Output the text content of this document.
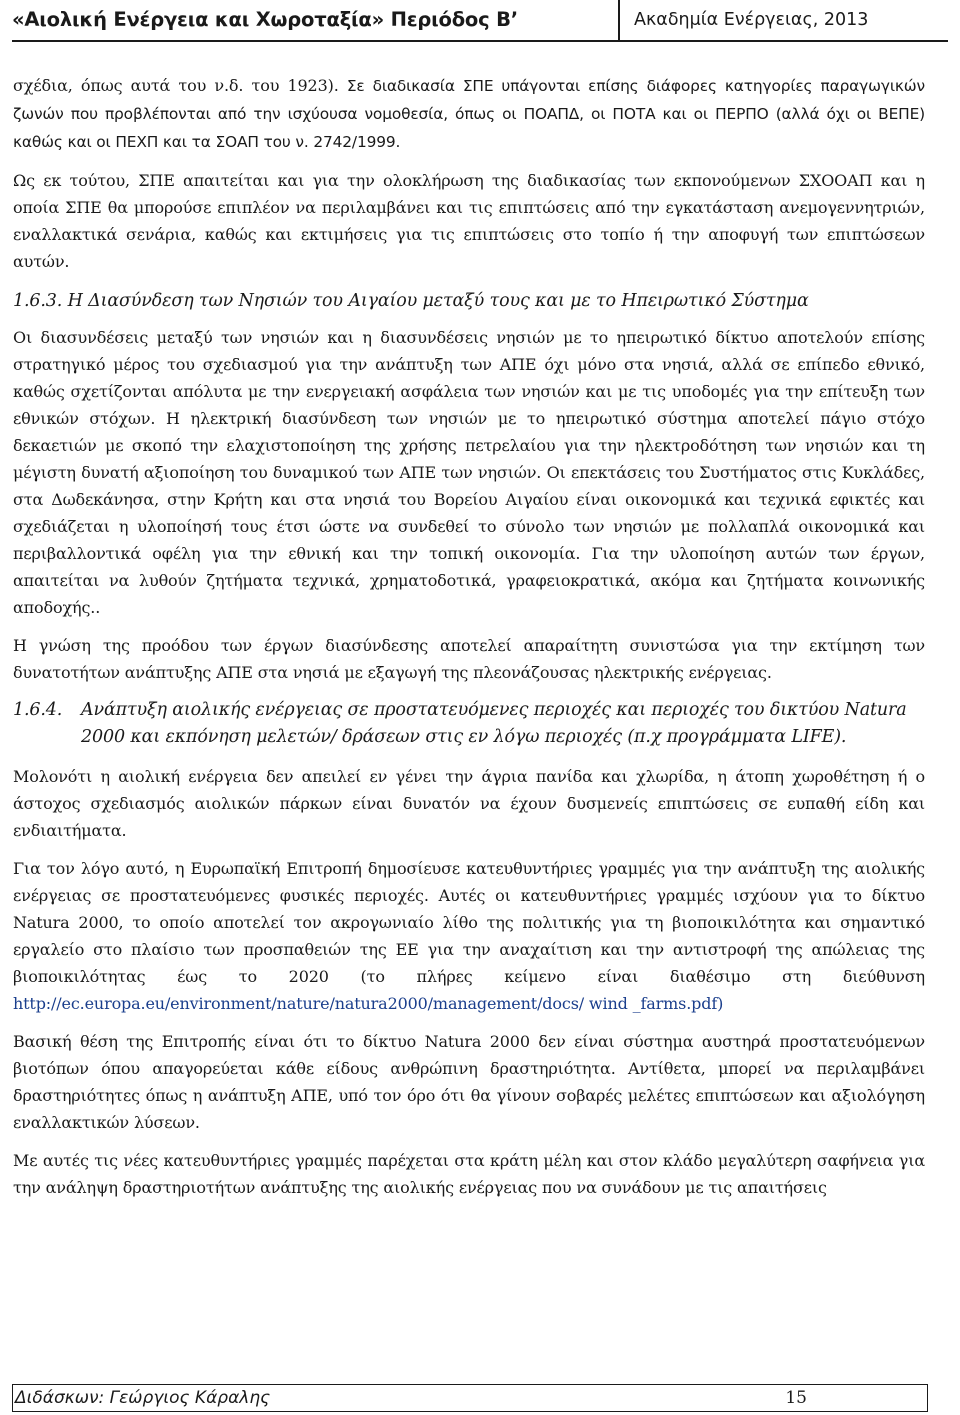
«Αιολική Ενέργεια και Χωροταξία» Περιόδος Β’	Ακαδημία Ενέργειας, 2013

σχέδια, όπως αυτά του ν.δ. του 1923). Σε διαδικασία ΣΠΕ υπάγονται επίσης διάφορες κατηγορίες παραγωγικών ζωνών που προβλέπονται από την ισχύουσα νομοθεσία, όπως οι ΠΟΑΠΔ, οι ΠΟΤΑ και οι ΠΕΡΠΟ (αλλά όχι οι ΒΕΠΕ) καθώς και οι ΠΕΧΠ και τα ΣΟΑΠ του ν. 2742/1999.

Ως εκ τούτου, ΣΠΕ απαιτείται και για την ολοκλήρωση της διαδικασίας των εκπονούμενων ΣΧΟΟΑΠ και η οποία ΣΠΕ θα μπορούσε επιπλέον να περιλαμβάνει και τις επιπτώσεις από την εγκατάσταση ανεμογεννητριών, εναλλακτικά σενάρια, καθώς και εκτιμήσεις για τις επιπτώσεις στο τοπίο ή την αποφυγή των επιπτώσεων αυτών.

1.6.3. Η Διασύνδεση των Νησιών του Αιγαίου μεταξύ τους και με το Ηπειρωτικό Σύστημα

Οι διασυνδέσεις μεταξύ των νησιών και η διασυνδέσεις νησιών με το ηπειρωτικό δίκτυο αποτελούν επίσης στρατηγικό μέρος του σχεδιασμού για την ανάπτυξη των ΑΠΕ όχι μόνο στα νησιά, αλλά σε επίπεδο εθνικό, καθώς σχετίζονται απόλυτα με την ενεργειακή ασφάλεια των νησιών και με τις υποδομές για την επίτευξη των εθνικών στόχων. Η ηλεκτρική διασύνδεση των νησιών με το ηπειρωτικό σύστημα αποτελεί πάγιο στόχο δεκαετιών με σκοπό την ελαχιστοποίηση της χρήσης πετρελαίου για την ηλεκτροδότηση των νησιών και τη μέγιστη δυνατή αξιοποίηση του δυναμικού των ΑΠΕ των νησιών. Οι επεκτάσεις του Συστήματος στις Κυκλάδες, στα Δωδεκάνησα, στην Κρήτη και στα νησιά του Βορείου Αιγαίου είναι οικονομικά και τεχνικά εφικτές και σχεδιάζεται η υλοποίησή τους έτσι ώστε να συνδεθεί το σύνολο των νησιών με πολλαπλά οικονομικά και περιβαλλοντικά οφέλη για την εθνική και την τοπική οικονομία. Για την υλοποίηση αυτών των έργων, απαιτείται να λυθούν ζητήματα τεχνικά, χρηματοδοτικά, γραφειοκρατικά, ακόμα και ζητήματα κοινωνικής αποδοχής..

Η γνώση της προόδου των έργων διασύνδεσης αποτελεί απαραίτητη συνιστώσα για την εκτίμηση των δυνατοτήτων ανάπτυξης ΑΠΕ στα νησιά με εξαγωγή της πλεονάζουσας ηλεκτρικής ενέργειας.

1.6.4.	Ανάπτυξη αιολικής ενέργειας σε προστατευόμενες περιοχές και περιοχές του δικτύου Natura 2000 και εκπόνηση μελετών/ δράσεων στις εν λόγω περιοχές (π.χ προγράμματα LIFE).

Μολονότι η αιολική ενέργεια δεν απειλεί εν γένει την άγρια πανίδα και χλωρίδα, η άτοπη χωροθέτηση ή ο άστοχος σχεδιασμός αιολικών πάρκων είναι δυνατόν να έχουν δυσμενείς επιπτώσεις σε ευπαθή είδη και ενδιαιτήματα.

Για τον λόγο αυτό, η Ευρωπαϊκή Επιτροπή δημοσίευσε κατευθυντήριες γραμμές για την ανάπτυξη της αιολικής ενέργειας σε προστατευόμενες φυσικές περιοχές. Αυτές οι κατευθυντήριες γραμμές ισχύουν για το δίκτυο Natura 2000, το οποίο αποτελεί τον ακρογωνιαίο λίθο της πολιτικής για τη βιοποικιλότητα και σημαντικό εργαλείο στο πλαίσιο των προσπαθειών της ΕΕ για την αναχαίτιση και την αντιστροφή της απώλειας της βιοποικιλότητας έως το 2020 (το πλήρες κείμενο είναι διαθέσιμο στη διεύθυνση http://ec.europa.eu/environment/nature/natura2000/management/docs/ wind _farms.pdf)

Βασική θέση της Επιτροπής είναι ότι το δίκτυο Natura 2000 δεν είναι σύστημα αυστηρά προστατευόμενων βιοτόπων όπου απαγορεύεται κάθε είδους ανθρώπινη δραστηριότητα. Αντίθετα, μπορεί να περιλαμβάνει δραστηριότητες όπως η ανάπτυξη ΑΠΕ, υπό τον όρο ότι θα γίνουν σοβαρές μελέτες επιπτώσεων και αξιολόγηση εναλλακτικών λύσεων.

Με αυτές τις νέες κατευθυντήριες γραμμές παρέχεται στα κράτη μέλη και στον κλάδο μεγαλύτερη σαφήνεια για την ανάληψη δραστηριοτήτων ανάπτυξης της αιολικής ενέργειας που να συνάδουν με τις απαιτήσεις

Διδάσκων: Γεώργιος Κάραλης	15
